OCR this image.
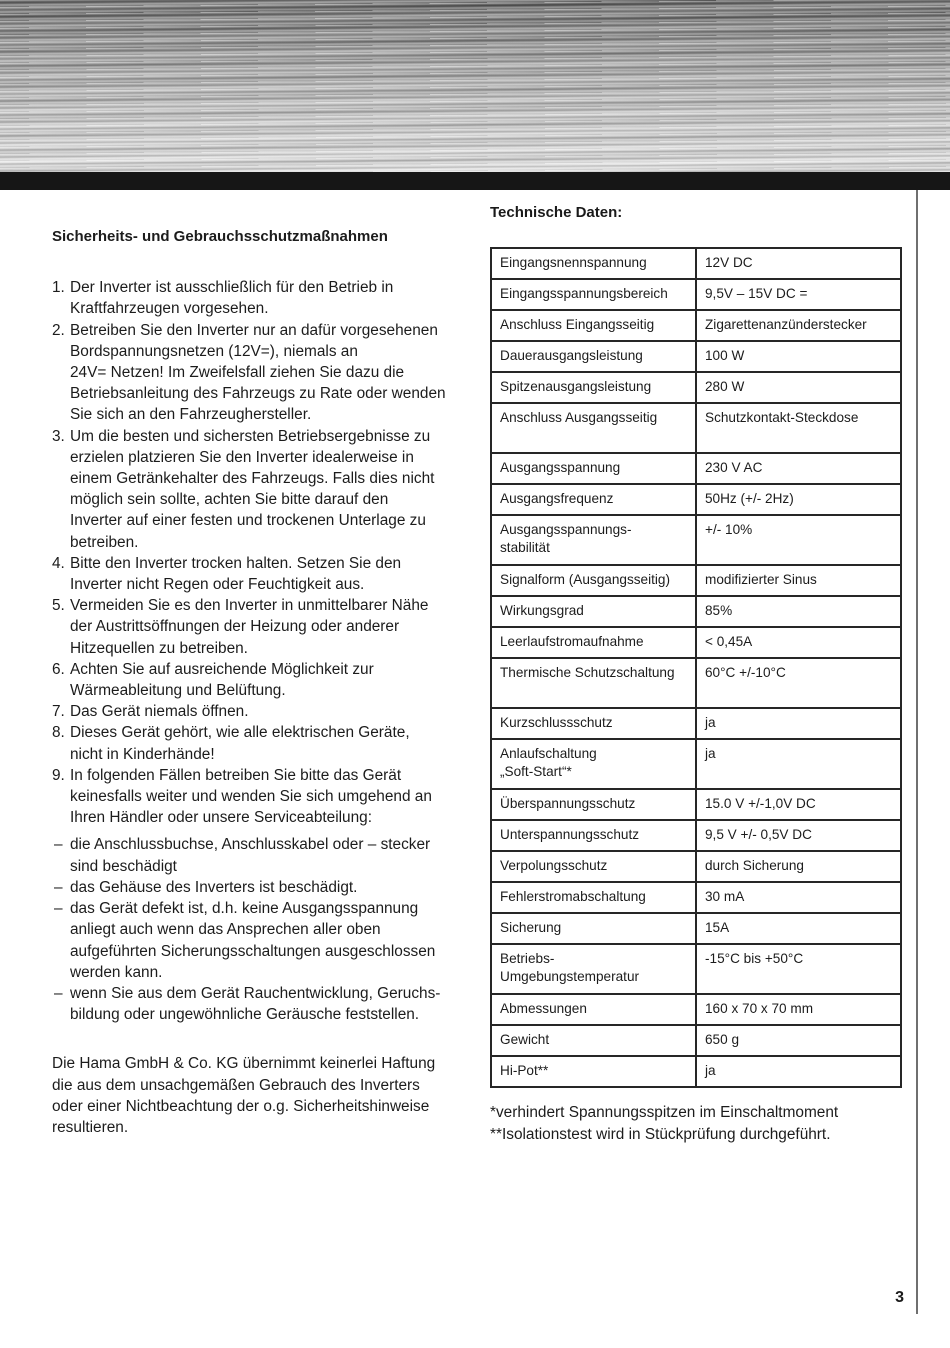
Sicherheits- und Gebrauchsschutzmaßnahmen
1. Der Inverter ist ausschließlich für den Betrieb in
Kraftfahrzeugen vorgesehen.
2. Betreiben Sie den Inverter nur an dafür vorgesehenen
Bordspannungsnetzen (12V=), niemals an
24V= Netzen! Im Zweifelsfall ziehen Sie dazu die
Betriebsanleitung des Fahrzeugs zu Rate oder wenden
Sie sich an den Fahrzeughersteller.
3. Um die besten und sichersten Betriebsergebnisse zu
erzielen platzieren Sie den Inverter idealerweise in
einem Getränkehalter des Fahrzeugs. Falls dies nicht
möglich sein sollte, achten Sie bitte darauf den
Inverter auf einer festen und trockenen Unterlage zu
betreiben.
4. Bitte den Inverter trocken halten. Setzen Sie den
Inverter nicht Regen oder Feuchtigkeit aus.
5. Vermeiden Sie es den Inverter in unmittelbarer Nähe
der Austrittsöffnungen der Heizung oder anderer
Hitzequellen zu betreiben.
6. Achten Sie auf ausreichende Möglichkeit zur
Wärmeableitung und Belüftung.
7. Das Gerät niemals öffnen.
8. Dieses Gerät gehört, wie alle elektrischen Geräte,
nicht in Kinderhände!
9. In folgenden Fällen betreiben Sie bitte das Gerät
keinesfalls weiter und wenden Sie sich umgehend an
Ihren Händler oder unsere Serviceabteilung:
– die Anschlussbuchse, Anschlusskabel oder – stecker
sind beschädigt
– das Gehäuse des Inverters ist beschädigt.
– das Gerät defekt ist, d.h. keine Ausgangsspannung
anliegt auch wenn das Ansprechen aller oben
aufgeführten Sicherungsschaltungen ausgeschlossen
werden kann.
– wenn Sie aus dem Gerät Rauchentwicklung, Geruchs-
bildung oder ungewöhnliche Geräusche feststellen.
Die Hama GmbH & Co. KG übernimmt keinerlei Haftung
die aus dem unsachgemäßen Gebrauch des Inverters
oder einer Nichtbeachtung der o.g. Sicherheitshinweise
resultieren.
Technische Daten:
Eingangsnennspannung	12V DC

Eingangsspannungsbereich	9,5V – 15V DC =

Anschluss Eingangsseitig	Zigarettenanzünderstecker

Dauerausgangsleistung	100 W

Spitzenausgangsleistung	280 W

Anschluss Ausgangsseitig	Schutzkontakt-Steckdose

Ausgangsspannung	230 V AC

Ausgangsfrequenz	50Hz (+/- 2Hz)

Ausgangsspannungs-
stabilität	+/- 10%

Signalform (Ausgangsseitig)	modifizierter Sinus

Wirkungsgrad	85%

Leerlaufstromaufnahme	< 0,45A

Thermische Schutzschaltung	60°C +/-10°C

Kurzschlussschutz	ja

Anlaufschaltung
„Soft-Start“*	ja

Überspannungsschutz	15.0 V +/-1,0V DC

Unterspannungsschutz	9,5 V +/- 0,5V DC

Verpolungsschutz	durch Sicherung

Fehlerstromabschaltung	30 mA

Sicherung	15A

Betriebs-
Umgebungstemperatur	-15°C bis +50°C

Abmessungen	160 x 70 x 70 mm

Gewicht	650 g

Hi-Pot**	ja
*verhindert Spannungsspitzen im Einschaltmoment
**Isolationstest wird in Stückprüfung durchgeführt.
3
